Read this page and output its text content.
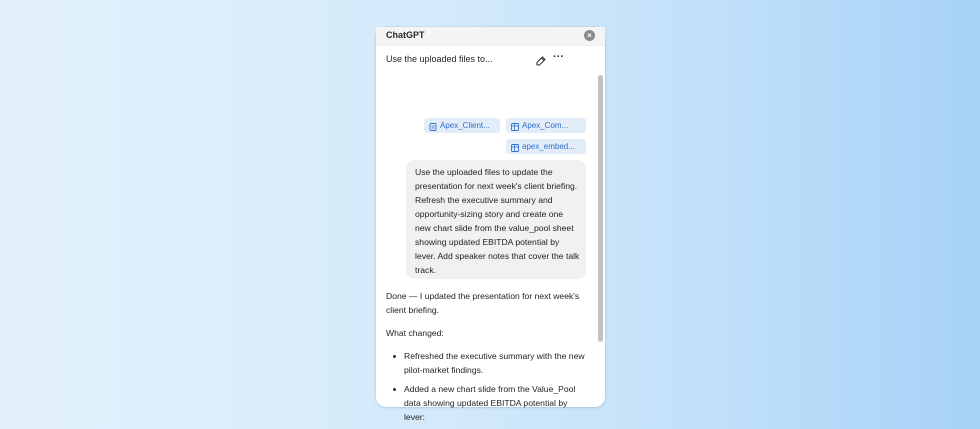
ChatGPT	×
Use the uploaded files to...	···
Apex_Client...	Apex_Com...
apex_embed...
Use the uploaded files to update the presentation for next week's client briefing. Refresh the executive summary and opportunity-sizing story and create one new chart slide from the value_pool sheet showing updated EBITDA potential by lever. Add speaker notes that cover the talk track.

Done — I updated the presentation for next week's client briefing.

What changed:

Refreshed the executive summary with the new pilot-market findings.
Added a new chart slide from the Value_Pool data showing updated EBITDA potential by lever:
